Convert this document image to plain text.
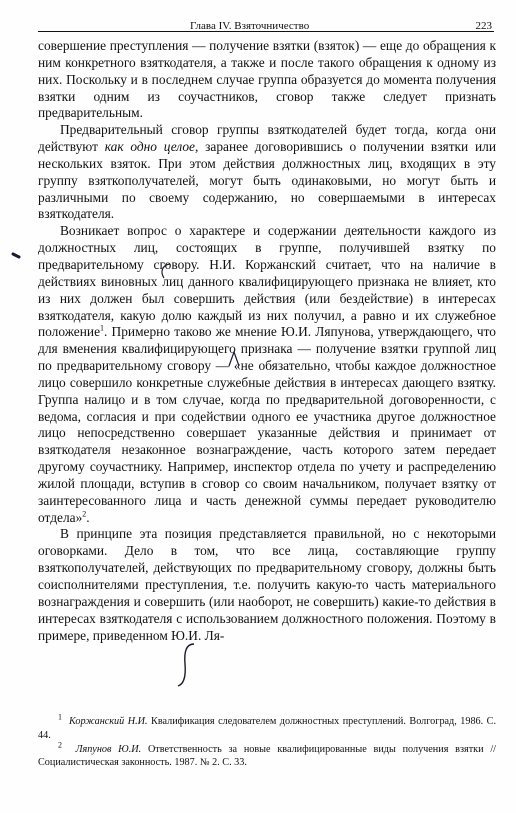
Глава IV. Взяточничество	223

совершение преступления — получение взятки (взяток) — еще до обращения к ним конкретного взяткодателя, а также и после такого обращения к одному из них. Поскольку и в последнем случае группа образуется до момента получения взятки одним из соучастников, сговор также следует признать предварительным.

Предварительный сговор группы взяткодателей будет тогда, когда они действуют как одно целое, заранее договорившись о получении взятки или нескольких взяток. При этом действия должностных лиц, входящих в эту группу взяткополучателей, могут быть одинаковыми, но могут быть и различными по своему содержанию, но совершаемыми в интересах взяткодателя.

Возникает вопрос о характере и содержании деятельности каждого из должностных лиц, состоящих в группе, получившей взятку по предварительному сговору. Н.И. Коржанский считает, что на наличие в действиях виновных лиц данного квалифицирующего признака не влияет, кто из них должен был совершить действия (или бездействие) в интересах взяткодателя, какую долю каждый из них получил, а равно и их служебное положение$^1$. Примерно таково же мнение Ю.И. Ляпунова, утверждающего, что для вменения квалифицирующего признака — получение взятки группой лиц по предварительному сговору — «не обязательно, чтобы каждое должностное лицо совершило конкретные служебные действия в интересах дающего взятку. Группа налицо и в том случае, когда по предварительной договоренности, с ведома, согласия и при содействии одного ее участника другое должностное лицо непосредственно совершает указанные действия и принимает от взяткодателя незаконное вознаграждение, часть которого затем передает другому соучастнику. Например, инспектор отдела по учету и распределению жилой площади, вступив в сговор со своим начальником, получает взятку от заинтересованного лица и часть денежной суммы передает руководителю отдела»$^2$.

В принципе эта позиция представляется правильной, но с некоторыми оговорками. Дело в том, что все лица, составляющие группу взяткополучателей, действующих по предварительному сговору, должны быть соисполнителями преступления, т.е. получить какую-то часть материального вознаграждения и совершить (или наоборот, не совершить) какие-то действия в интересах взяткодателя с использованием должностного положения. Поэтому в примере, приведенном Ю.И. Ля-

$^1$ Коржанский Н.И. Квалификация следователем должностных преступлений. Волгоград, 1986. С. 44.

$^2$ Ляпунов Ю.И. Ответственность за новые квалифицированные виды получения взятки // Социалистическая законность. 1987. № 2. С. 33.
